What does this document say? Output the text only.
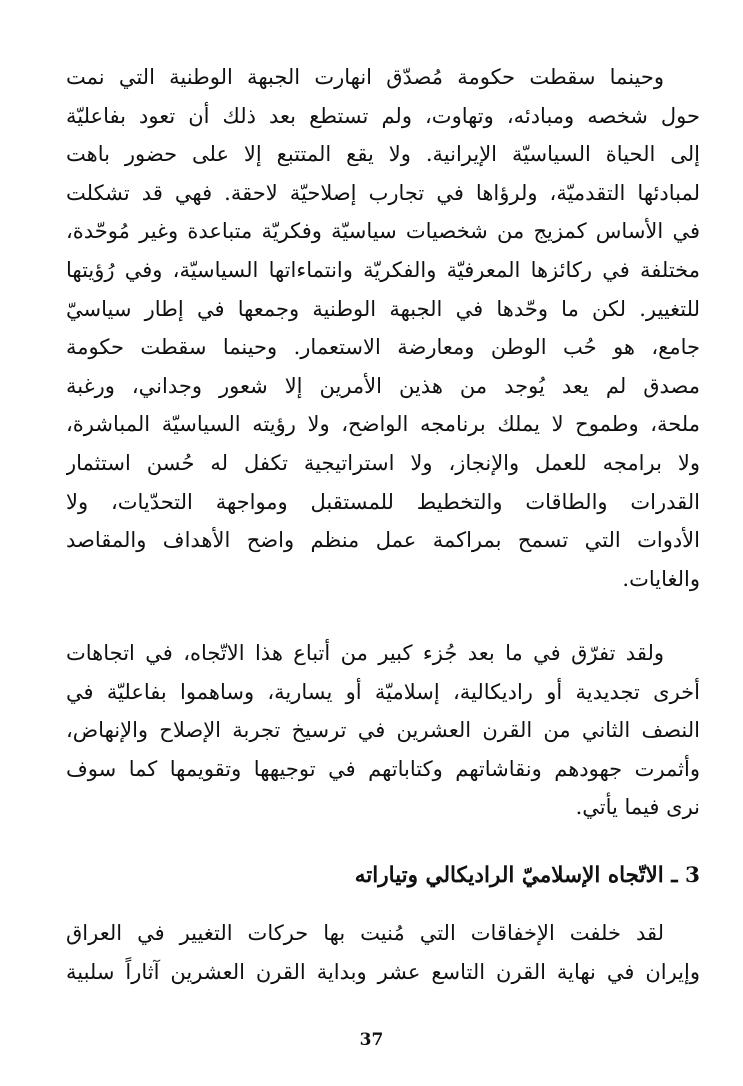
وحينما سقطت حكومة مُصدّق انهارت الجبهة الوطنية التي نمت
حول شخصه ومبادئه، وتهاوت، ولم تستطع بعد ذلك أن تعود بفاعليّة
إلى الحياة السياسيّة الإيرانية. ولا يقع المتتبع إلا على حضور باهت
لمبادئها التقدميّة، ولرؤاها في تجارب إصلاحيّة لاحقة. فهي قد تشكلت
في الأساس كمزيج من شخصيات سياسيّة وفكريّة متباعدة وغير مُوحّدة،
مختلفة في ركائزها المعرفيّة والفكريّة وانتماءاتها السياسيّة، وفي رُؤيتها
للتغيير. لكن ما وحّدها في الجبهة الوطنية وجمعها في إطار سياسيّ
جامع، هو حُب الوطن ومعارضة الاستعمار. وحينما سقطت حكومة
مصدق لم يعد يُوجد من هذين الأمرين إلا شعور وجداني، ورغبة
ملحة، وطموح لا يملك برنامجه الواضح، ولا رؤيته السياسيّة المباشرة،
ولا برامجه للعمل والإنجاز، ولا استراتيجية تكفل له حُسن استثمار
القدرات والطاقات والتخطيط للمستقبل ومواجهة التحدّيات، ولا
الأدوات التي تسمح بمراكمة عمل منظم واضح الأهداف والمقاصد
والغايات.
ولقد تفرّق في ما بعد جُزء كبير من أتباع هذا الاتّجاه، في اتجاهات
أخرى تجديدية أو راديكالية، إسلاميّة أو يسارية، وساهموا بفاعليّة في
النصف الثاني من القرن العشرين في ترسيخ تجربة الإصلاح والإنهاض،
وأثمرت جهودهم ونقاشاتهم وكتاباتهم في توجيهها وتقويمها كما سوف
نرى فيما يأتي.
3 ـ الاتّجاه الإسلاميّ الراديكالي وتياراته
لقد خلفت الإخفاقات التي مُنيت بها حركات التغيير في العراق
وإيران في نهاية القرن التاسع عشر وبداية القرن العشرين آثاراً سلبية
37
